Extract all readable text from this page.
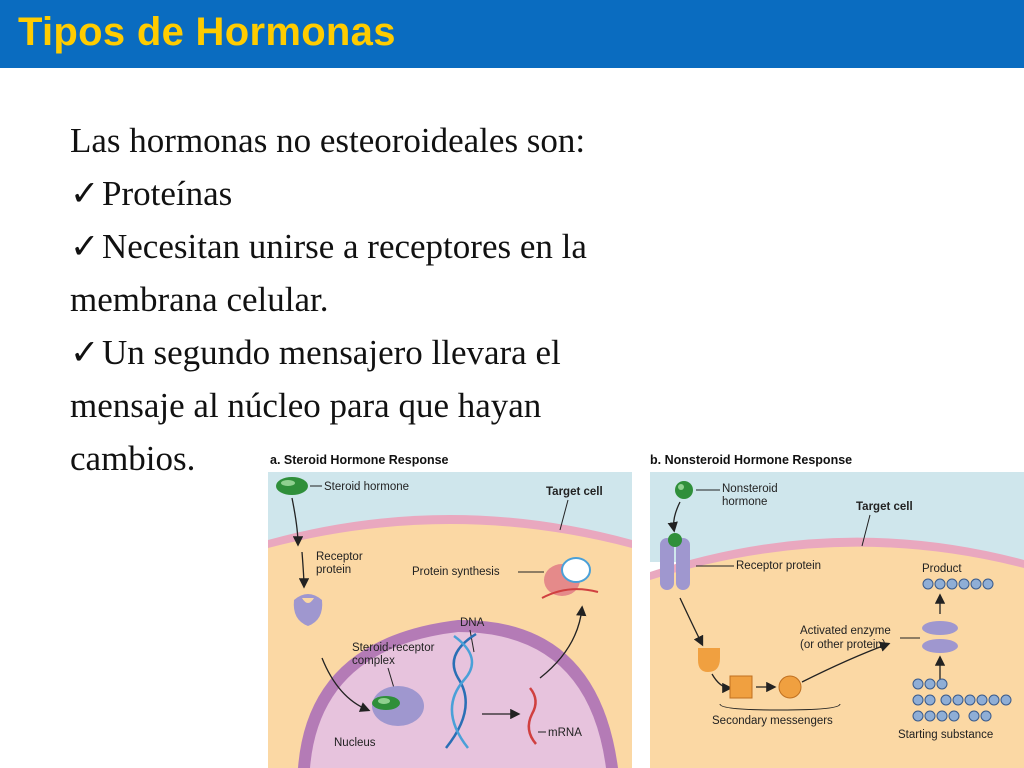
Tipos de Hormonas
Las hormonas no esteoroideales son:
✓Proteínas
✓Necesitan unirse a receptores en la
membrana celular.
✓Un segundo mensajero llevara el
mensaje al núcleo para que hayan
cambios.	a. Steroid Hormone Response
Steroid hormone	Target cell
Receptor
protein	Protein synthesis
DNA
Steroid-receptor
complex
mRNA
Nucleus
b. Nonsteroid Hormone Response
Nonsteroid
hormone	Target cell
Receptor protein
Secondary messengers
Activated enzyme
(or other protein)
Product
Starting substance
